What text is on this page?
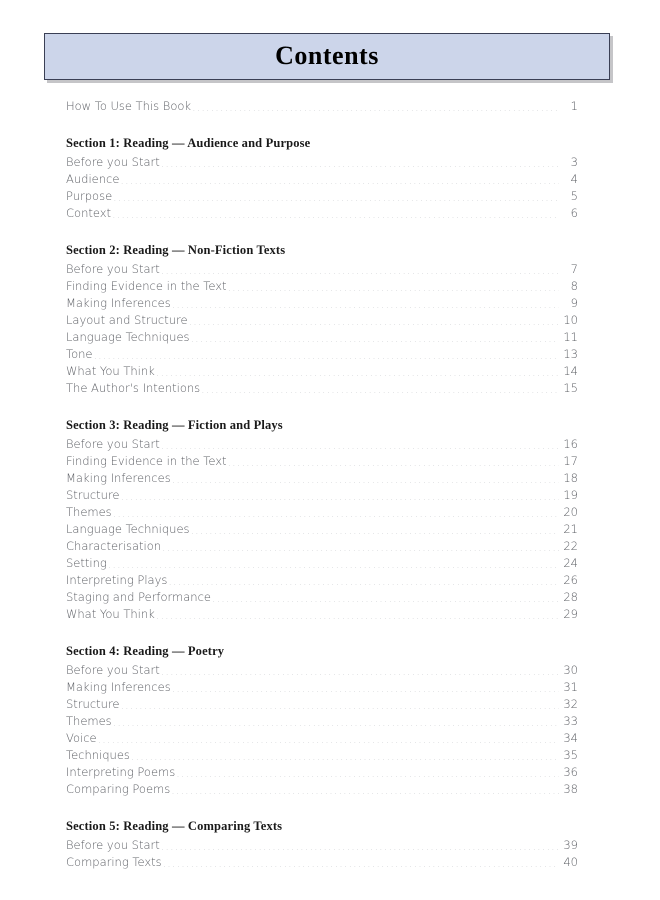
Contents
How To Use This Book .....	1
Section 1: Reading — Audience and Purpose
Before you Start .....	3
Audience .....	4
Purpose .....	5
Context .....	6
Section 2: Reading — Non-Fiction Texts
Before you Start .....	7
Finding Evidence in the Text .....	8
Making Inferences .....	9
Layout and Structure .....	10
Language Techniques .....	11
Tone .....	13
What You Think .....	14
The Author's Intentions .....	15
Section 3: Reading — Fiction and Plays
Before you Start .....	16
Finding Evidence in the Text .....	17
Making Inferences .....	18
Structure .....	19
Themes .....	20
Language Techniques .....	21
Characterisation .....	22
Setting .....	24
Interpreting Plays .....	26
Staging and Performance .....	28
What You Think .....	29
Section 4: Reading — Poetry
Before you Start .....	30
Making Inferences .....	31
Structure .....	32
Themes .....	33
Voice .....	34
Techniques .....	35
Interpreting Poems .....	36
Comparing Poems .....	38
Section 5: Reading — Comparing Texts
Before you Start .....	39
Comparing Texts .....	40
